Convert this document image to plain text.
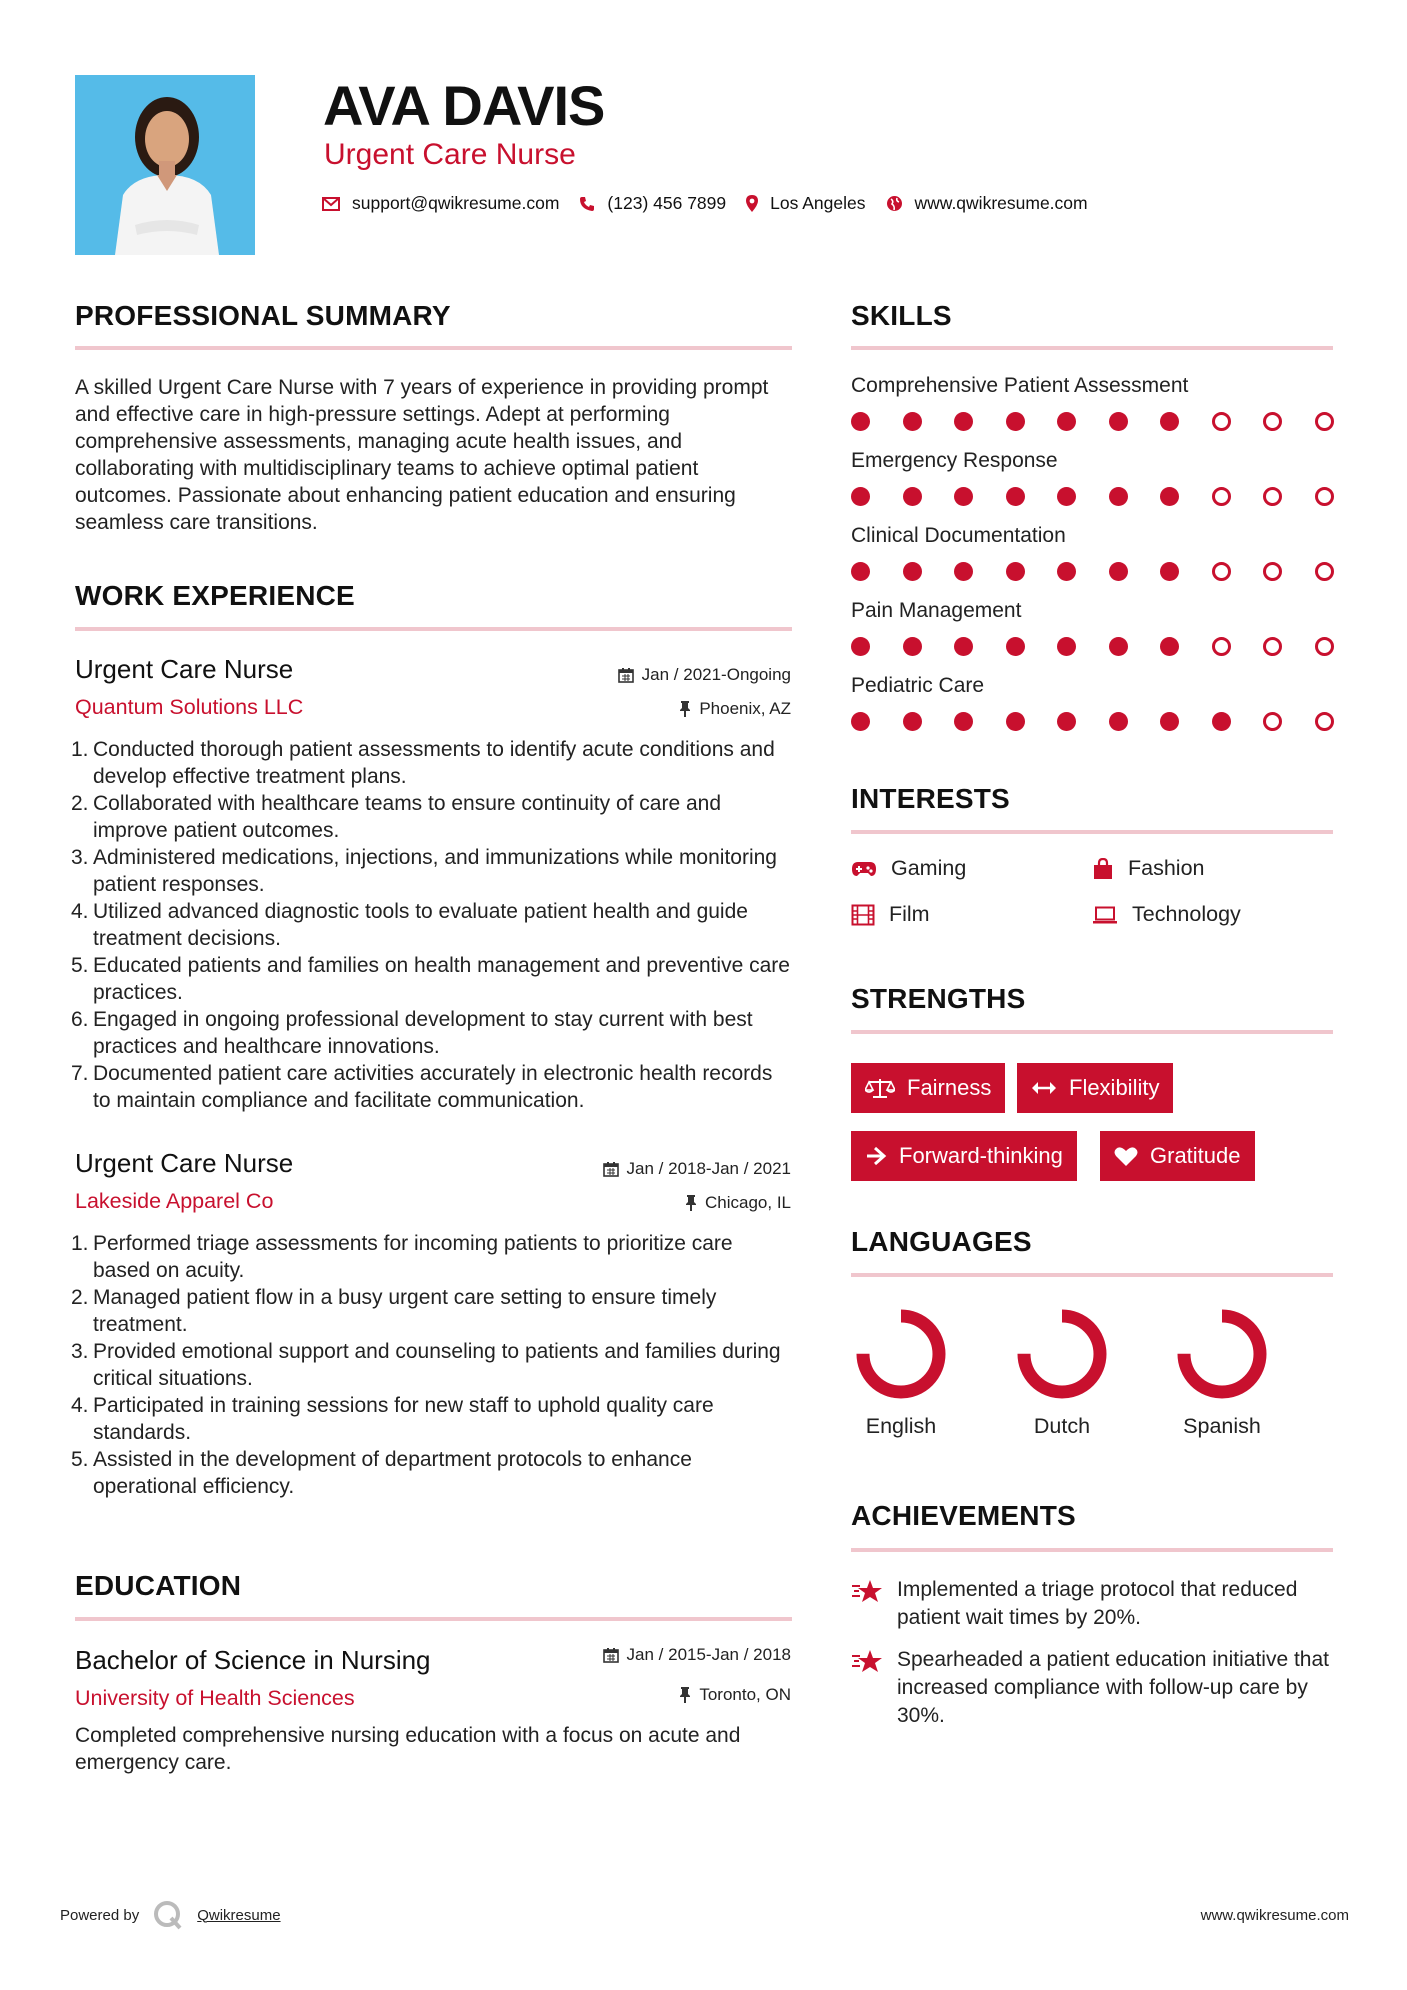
AVA DAVIS
Urgent Care Nurse
support@qwikresume.com	(123) 456 7899	Los Angeles	www.qwikresume.com
PROFESSIONAL SUMMARY
A skilled Urgent Care Nurse with 7 years of experience in providing prompt and effective care in high-pressure settings. Adept at performing comprehensive assessments, managing acute health issues, and collaborating with multidisciplinary teams to achieve optimal patient outcomes. Passionate about enhancing patient education and ensuring seamless care transitions.
WORK EXPERIENCE
Urgent Care Nurse
Quantum Solutions LLC
Jan / 2021-Ongoing
Phoenix, AZ
1. Conducted thorough patient assessments to identify acute conditions and develop effective treatment plans.
2. Collaborated with healthcare teams to ensure continuity of care and improve patient outcomes.
3. Administered medications, injections, and immunizations while monitoring patient responses.
4. Utilized advanced diagnostic tools to evaluate patient health and guide treatment decisions.
5. Educated patients and families on health management and preventive care practices.
6. Engaged in ongoing professional development to stay current with best practices and healthcare innovations.
7. Documented patient care activities accurately in electronic health records to maintain compliance and facilitate communication.
Urgent Care Nurse
Lakeside Apparel Co
Jan / 2018-Jan / 2021
Chicago, IL
1. Performed triage assessments for incoming patients to prioritize care based on acuity.
2. Managed patient flow in a busy urgent care setting to ensure timely treatment.
3. Provided emotional support and counseling to patients and families during critical situations.
4. Participated in training sessions for new staff to uphold quality care standards.
5. Assisted in the development of department protocols to enhance operational efficiency.
EDUCATION
Bachelor of Science in Nursing
University of Health Sciences
Jan / 2015-Jan / 2018
Toronto, ON
Completed comprehensive nursing education with a focus on acute and emergency care.
SKILLS
Comprehensive Patient Assessment
Emergency Response
Clinical Documentation
Pain Management
Pediatric Care
INTERESTS
Gaming	Fashion
Film	Technology
STRENGTHS
Fairness	Flexibility
Forward-thinking	Gratitude
LANGUAGES
English	Dutch	Spanish
ACHIEVEMENTS
Implemented a triage protocol that reduced patient wait times by 20%.
Spearheaded a patient education initiative that increased compliance with follow-up care by 30%.
Powered by	Qwikresume	www.qwikresume.com
